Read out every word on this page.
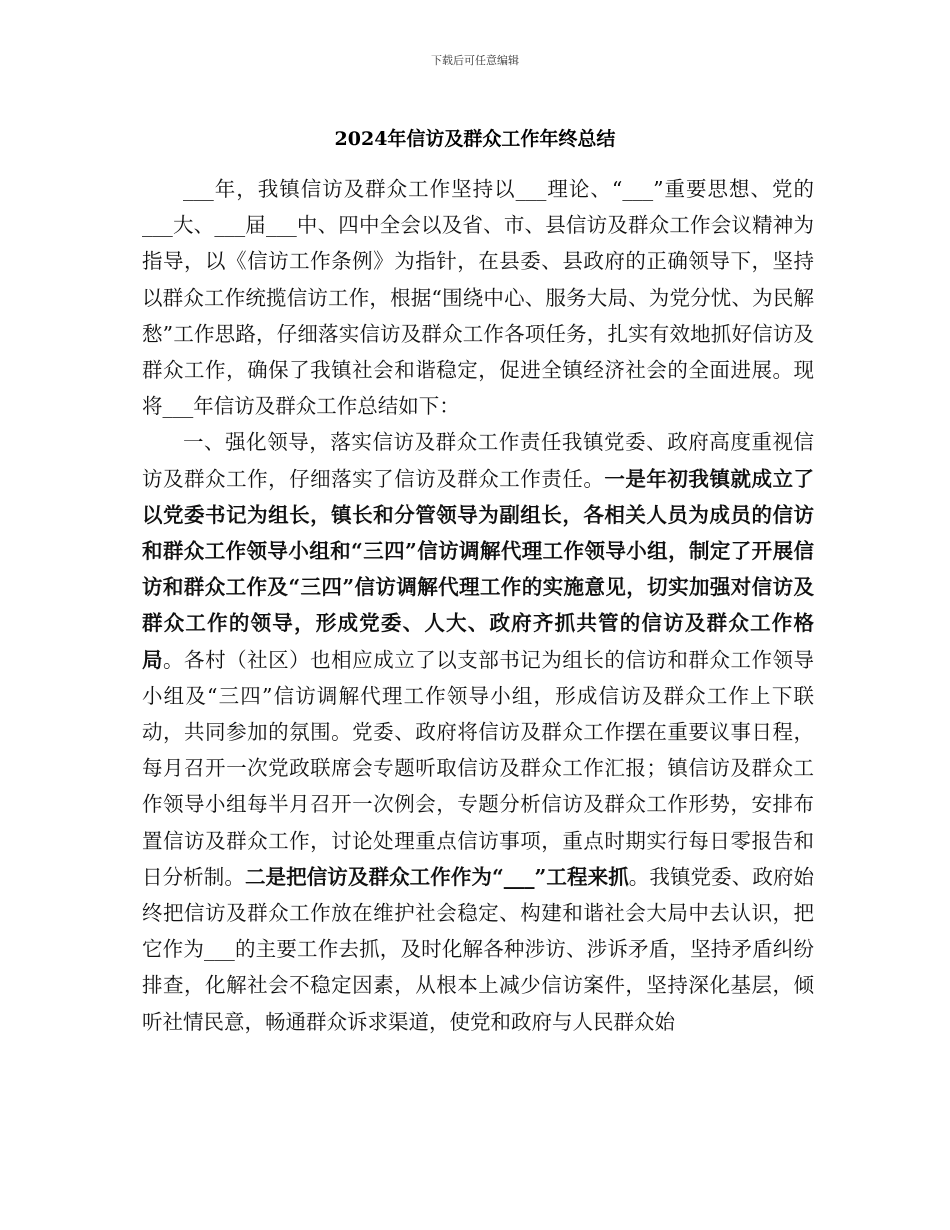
下载后可任意编辑
2024年信访及群众工作年终总结

___年，我镇信访及群众工作坚持以___理论、“___”重要思想、党的___大、___届___中、四中全会以及省、市、县信访及群众工作会议精神为指导，以《信访工作条例》为指针，在县委、县政府的正确领导下，坚持以群众工作统揽信访工作，根据“围绕中心、服务大局、为党分忧、为民解愁”工作思路，仔细落实信访及群众工作各项任务，扎实有效地抓好信访及群众工作，确保了我镇社会和谐稳定，促进全镇经济社会的全面进展。现将___年信访及群众工作总结如下：

一、强化领导，落实信访及群众工作责任我镇党委、政府高度重视信访及群众工作，仔细落实了信访及群众工作责任。一是年初我镇就成立了以党委书记为组长，镇长和分管领导为副组长，各相关人员为成员的信访和群众工作领导小组和“三四”信访调解代理工作领导小组，制定了开展信访和群众工作及“三四”信访调解代理工作的实施意见，切实加强对信访及群众工作的领导，形成党委、人大、政府齐抓共管的信访及群众工作格局。各村（社区）也相应成立了以支部书记为组长的信访和群众工作领导小组及“三四”信访调解代理工作领导小组，形成信访及群众工作上下联动，共同参加的氛围。党委、政府将信访及群众工作摆在重要议事日程，每月召开一次党政联席会专题听取信访及群众工作汇报；镇信访及群众工作领导小组每半月召开一次例会，专题分析信访及群众工作形势，安排布置信访及群众工作，讨论处理重点信访事项，重点时期实行每日零报告和日分析制。二是把信访及群众工作作为“___”工程来抓。我镇党委、政府始终把信访及群众工作放在维护社会稳定、构建和谐社会大局中去认识，把它作为___的主要工作去抓，及时化解各种涉访、涉诉矛盾，坚持矛盾纠纷排查，化解社会不稳定因素，从根本上减少信访案件，坚持深化基层，倾听社情民意，畅通群众诉求渠道，使党和政府与人民群众始
